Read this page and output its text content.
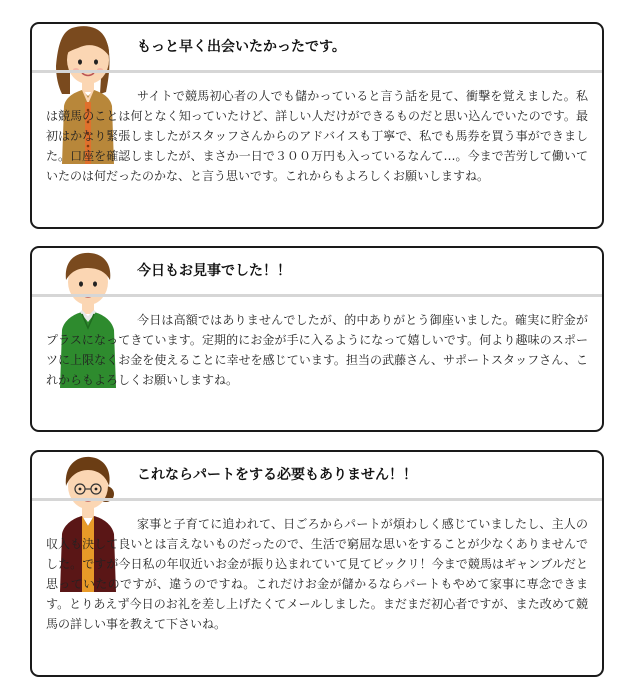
もっと早く出会いたかったです。

サイトで競馬初心者の人でも儲かっていると言う話を見て、衝撃を覚えました。私は競馬のことは何となく知っていたけど、詳しい人だけができるものだと思い込んでいたのです。最初はかなり緊張しましたがスタッフさんからのアドバイスも丁寧で、私でも馬券を買う事ができました。口座を確認しましたが、まさか一日で３００万円も入っているなんて…。今まで苦労して働いていたのは何だったのかな、と言う思いです。これからもよろしくお願いしますね。

今日もお見事でした！！

今日は高額ではありませんでしたが、的中ありがとう御座いました。確実に貯金がプラスになってきています。定期的にお金が手に入るようになって嬉しいです。何より趣味のスポーツに上限なくお金を使えることに幸せを感じています。担当の武藤さん、サポートスタッフさん、これからもよろしくお願いしますね。

これならパートをする必要もありません！！

家事と子育てに追われて、日ごろからパートが煩わしく感じていましたし、主人の収入も決して良いとは言えないものだったので、生活で窮屈な思いをすることが少なくありませんでした。ですが今日私の年収近いお金が振り込まれていて見てビックリ！今まで競馬はギャンブルだと思っていたのですが、違うのですね。これだけお金が儲かるならパートもやめて家事に専念できます。とりあえず今日のお礼を差し上げたくてメールしました。まだまだ初心者ですが、また改めて競馬の詳しい事を教えて下さいね。
